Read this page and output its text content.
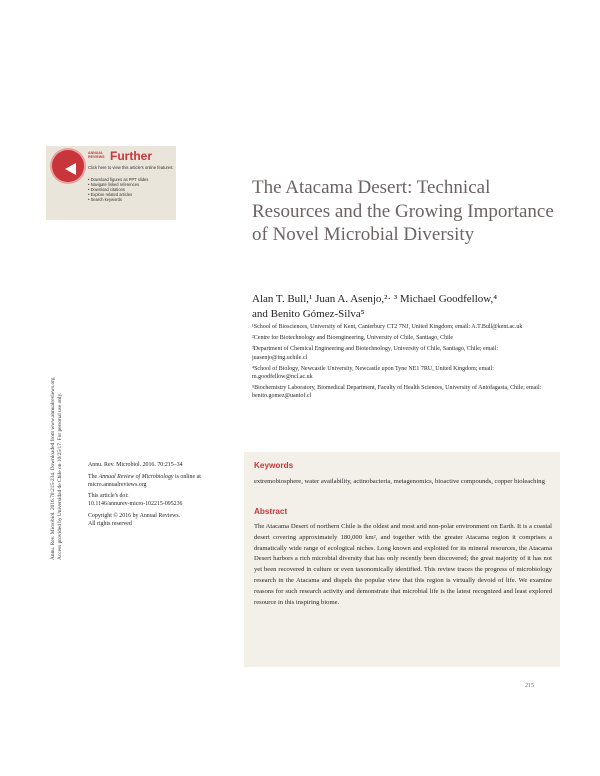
ANNUAL
REVIEWS Further
Click here to view this article's online features:
• Download figures as PPT slides
• Navigate linked references
• Download citations
• Explore related articles
• Search keywords
Annu. Rev. Microbiol. 2016.70:215-234. Downloaded from www.annualreviews.org Access provided by Universidad de Chile on 10/25/17. For personal use only.
The Atacama Desert: Technical Resources and the Growing Importance of Novel Microbial Diversity
Alan T. Bull,¹ Juan A. Asenjo,²· ³ Michael Goodfellow,⁴
and Benito Gómez-Silva⁵
¹School of Biosciences, University of Kent, Canterbury CT2 7NJ, United Kingdom; email: A.T.Bull@kent.ac.uk
²Centre for Biotechnology and Bioengineering, University of Chile, Santiago, Chile
³Department of Chemical Engineering and Biotechnology, University of Chile, Santiago, Chile; email: juasenjo@ing.uchile.cl
⁴School of Biology, Newcastle University, Newcastle upon Tyne NE1 7RU, United Kingdom; email: m.goodfellow@ncl.ac.uk
⁵Biochemistry Laboratory, Biomedical Department, Faculty of Health Sciences, University of Antofagasta, Chile; email: benito.gomez@uantof.cl
Annu. Rev. Microbiol. 2016. 70:215–34
The Annual Review of Microbiology is online at
micro.annualreviews.org
This article's doi:
10.1146/annurev-micro-102215-095236
Copyright © 2016 by Annual Reviews.
All rights reserved
Keywords
extremobiosphere, water availability, actinobacteria, metagenomics, bioactive compounds, copper bioleaching
Abstract
The Atacama Desert of northern Chile is the oldest and most arid non-polar environment on Earth. It is a coastal desert covering approximately 180,000 km², and together with the greater Atacama region it comprises a dramatically wide range of ecological niches. Long known and exploited for its mineral resources, the Atacama Desert harbors a rich microbial diversity that has only recently been discovered; the great majority of it has not yet been recovered in culture or even taxonomically identified. This review traces the progress of microbiology research in the Atacama and dispels the popular view that this region is virtually devoid of life. We examine reasons for such research activity and demonstrate that microbial life is the latest recognized and least explored resource in this inspiring biome.
215
